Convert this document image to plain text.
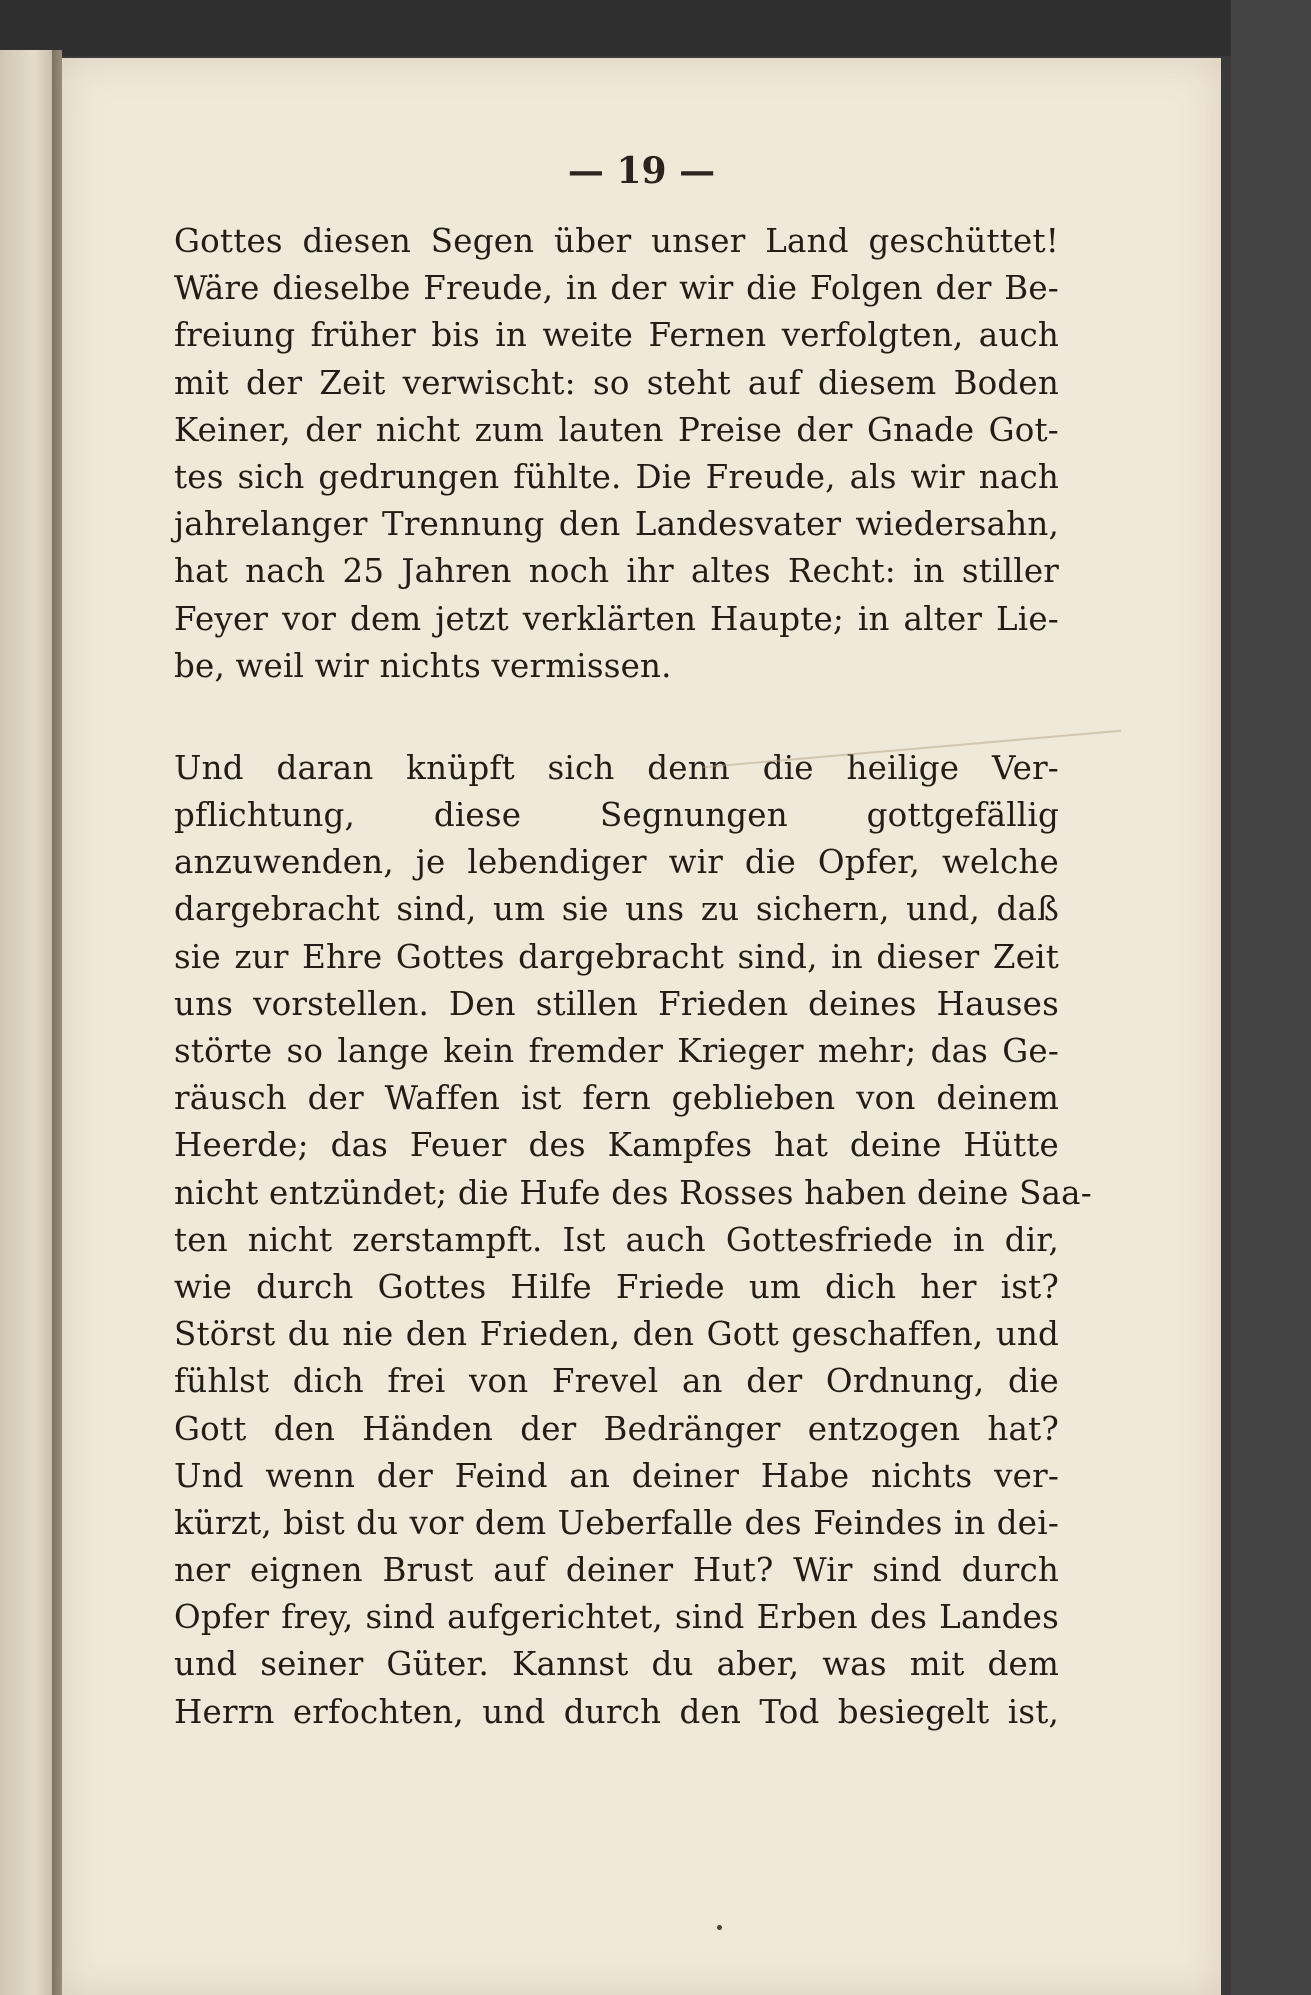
— 19 —
Gottes diesen Segen über unser Land geschüttet!
Wäre dieselbe Freude, in der wir die Folgen der Be-
freiung früher bis in weite Fernen verfolgten, auch
mit der Zeit verwischt: so steht auf diesem Boden
Keiner, der nicht zum lauten Preise der Gnade Got-
tes sich gedrungen fühlte. Die Freude, als wir nach
jahrelanger Trennung den Landesvater wiedersahn,
hat nach 25 Jahren noch ihr altes Recht: in stiller
Feyer vor dem jetzt verklärten Haupte; in alter Lie-
be, weil wir nichts vermissen.
Und daran knüpft sich denn die heilige Ver-
pflichtung, diese Segnungen gottgefällig
anzuwenden, je lebendiger wir die Opfer, welche
dargebracht sind, um sie uns zu sichern, und, daß
sie zur Ehre Gottes dargebracht sind, in dieser Zeit
uns vorstellen. Den stillen Frieden deines Hauses
störte so lange kein fremder Krieger mehr; das Ge-
räusch der Waffen ist fern geblieben von deinem
Heerde; das Feuer des Kampfes hat deine Hütte
nicht entzündet; die Hufe des Rosses haben deine Saa-
ten nicht zerstampft. Ist auch Gottesfriede in dir,
wie durch Gottes Hilfe Friede um dich her ist?
Störst du nie den Frieden, den Gott geschaffen, und
fühlst dich frei von Frevel an der Ordnung, die
Gott den Händen der Bedränger entzogen hat?
Und wenn der Feind an deiner Habe nichts ver-
kürzt, bist du vor dem Ueberfalle des Feindes in dei-
ner eignen Brust auf deiner Hut? Wir sind durch
Opfer frey, sind aufgerichtet, sind Erben des Landes
und seiner Güter. Kannst du aber, was mit dem
Herrn erfochten, und durch den Tod besiegelt ist,
